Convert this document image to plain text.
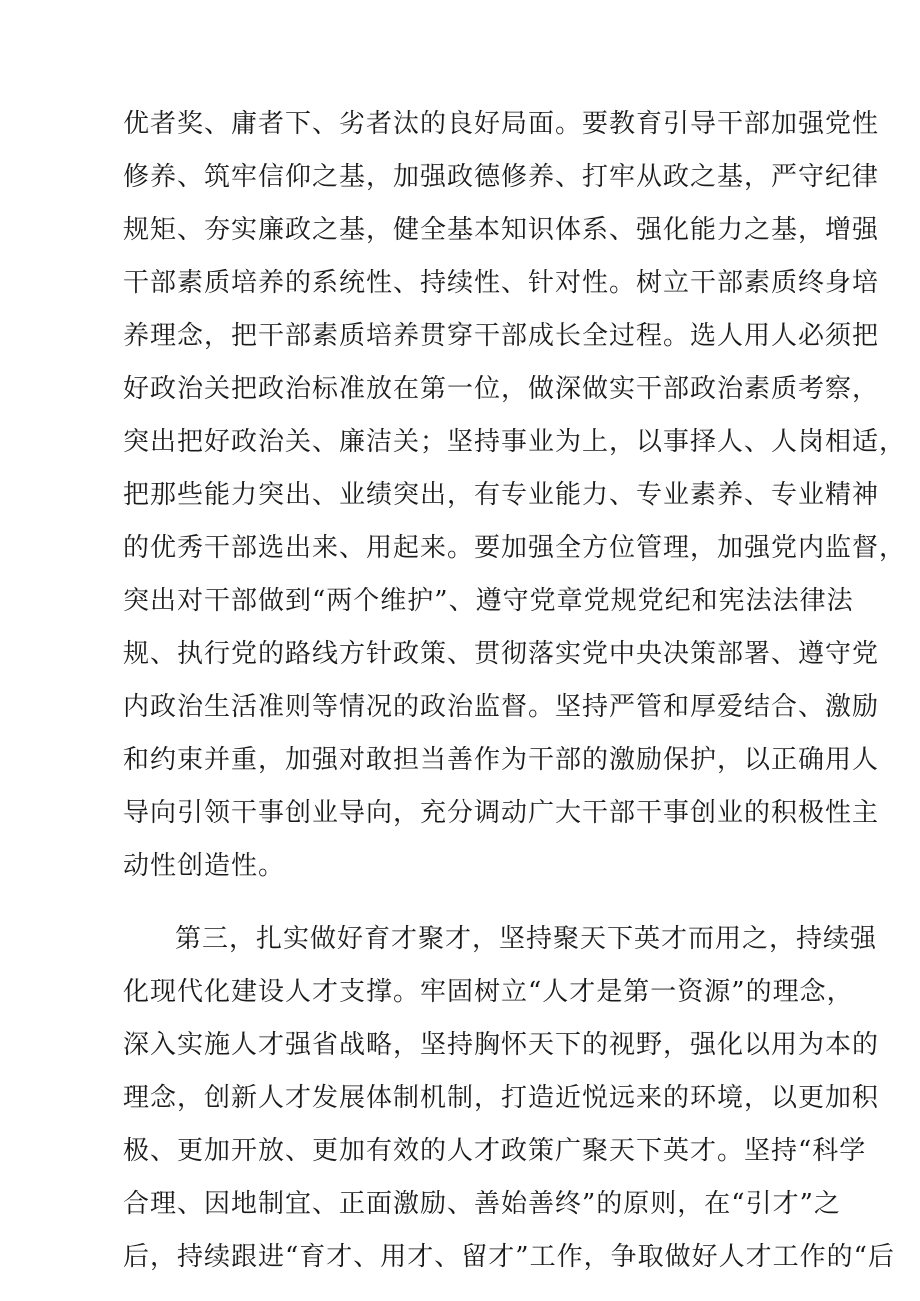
优者奖、庸者下、劣者汰的良好局面。要教育引导干部加强党性
修养、筑牢信仰之基，加强政德修养、打牢从政之基，严守纪律
规矩、夯实廉政之基，健全基本知识体系、强化能力之基，增强
干部素质培养的系统性、持续性、针对性。树立干部素质终身培
养理念，把干部素质培养贯穿干部成长全过程。选人用人必须把
好政治关把政治标准放在第一位，做深做实干部政治素质考察，
突出把好政治关、廉洁关；坚持事业为上，以事择人、人岗相适，
把那些能力突出、业绩突出，有专业能力、专业素养、专业精神
的优秀干部选出来、用起来。要加强全方位管理，加强党内监督，
突出对干部做到“两个维护”、遵守党章党规党纪和宪法法律法
规、执行党的路线方针政策、贯彻落实党中央决策部署、遵守党
内政治生活准则等情况的政治监督。坚持严管和厚爱结合、激励
和约束并重，加强对敢担当善作为干部的激励保护，以正确用人
导向引领干事创业导向，充分调动广大干部干事创业的积极性主
动性创造性。
第三，扎实做好育才聚才，坚持聚天下英才而用之，持续强
化现代化建设人才支撑。牢固树立“人才是第一资源”的理念，
深入实施人才强省战略，坚持胸怀天下的视野，强化以用为本的
理念，创新人才发展体制机制，打造近悦远来的环境，以更加积
极、更加开放、更加有效的人才政策广聚天下英才。坚持“科学
合理、因地制宜、正面激励、善始善终”的原则，在“引才”之
后，持续跟进“育才、用才、留才”工作，争取做好人才工作的“后
